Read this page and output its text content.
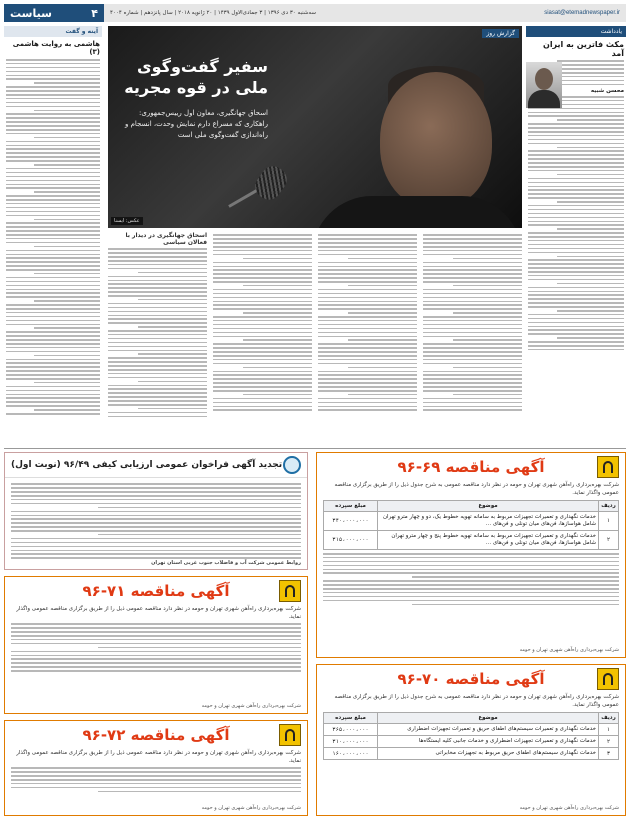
siasat@etemadnewspaper.ir
سه‌شنبه ۳۰ دی ۱۳۹۶ | ۳ جمادی‌الاول ۱۴۳۹ | ۲۰ ژانویه ۲۰۱۸ | سال پانزدهم | شماره ۴۰۰۴
۴
سیاست
یادداشت
مکث فاتر‌ین به ایران آمد
محسن شبیه
گزارش روز
سفیر گفت‌وگوی ملی در قوه مجریه
اسحاق جهانگیری، معاون اول رییس‌جمهوری: راهکاری که مسراع دارم نمایش وحدت، انسجام و راه‌اندازی گفت‌وگوی ملی است
عکس: ایسنا
اسحاق جهانگیری در دیدار با فعالان سیاسی
آینه و گفت
هاشمی به روایت هاشمی (۳)
تجدید آگهی فراخوان عمومی ارزیابی کیفی ۹۶/۴۹ (نوبت اول)
روابط عمومی شرکت آب و فاضلاب جنوب غربی استان تهران
آگهی مناقصه ۶۹-۹۶
شرکت بهره‌برداری راه‌آهن شهری تهران و حومه در نظر دارد مناقصه عمومی به شرح جدول ذیل را از طریق برگزاری مناقصه عمومی واگذار نماید.
ردیف	موضوع	مبلغ سپرده
۱	خدمات نگهداری و تعمیرات تجهیزات مربوط به سامانه تهویه خطوط یک، دو و چهار مترو تهران شامل هواسازها، فن‌های میان تونلی و فن‌های ...	۳۴۰،۰۰۰،۰۰۰
۲	خدمات نگهداری و تعمیرات تجهیزات مربوط به سامانه تهویه خطوط پنج و چهار مترو تهران شامل هواسازها، فن‌های میان تونلی و فن‌های ...	۳۱۵،۰۰۰،۰۰۰
شرکت بهره‌برداری راه‌آهن شهری تهران و حومه
آگهی مناقصه ۷۱-۹۶
شرکت بهره‌برداری راه‌آهن شهری تهران و حومه در نظر دارد مناقصه عمومی ذیل را از طریق برگزاری مناقصه عمومی واگذار نماید.
شرکت بهره‌برداری راه‌آهن شهری تهران و حومه
آگهی مناقصه ۷۰-۹۶
شرکت بهره‌برداری راه‌آهن شهری تهران و حومه در نظر دارد مناقصه عمومی به شرح جدول ذیل را از طریق برگزاری مناقصه عمومی واگذار نماید.
ردیف	موضوع	مبلغ سپرده
۱	خدمات نگهداری و تعمیرات سیستم‌های اطفای حریق و تعمیرات تجهیزات اضطراری	۳۶۵،۰۰۰،۰۰۰
۲	خدمات نگهداری و تعمیرات تجهیزات اضطراری و خدمات جانبی کلیه ایستگاه‌ها	۳۱۰،۰۰۰،۰۰۰
۳	خدمات نگهداری سیستم‌های اطفای حریق مربوط به تجهیزات مخابراتی	۱۶۰،۰۰۰،۰۰۰
شرکت بهره‌برداری راه‌آهن شهری تهران و حومه
آگهی مناقصه ۷۲-۹۶
شرکت بهره‌برداری راه‌آهن شهری تهران و حومه در نظر دارد مناقصه عمومی ذیل را از طریق برگزاری مناقصه عمومی واگذار نماید.
شرکت بهره‌برداری راه‌آهن شهری تهران و حومه
